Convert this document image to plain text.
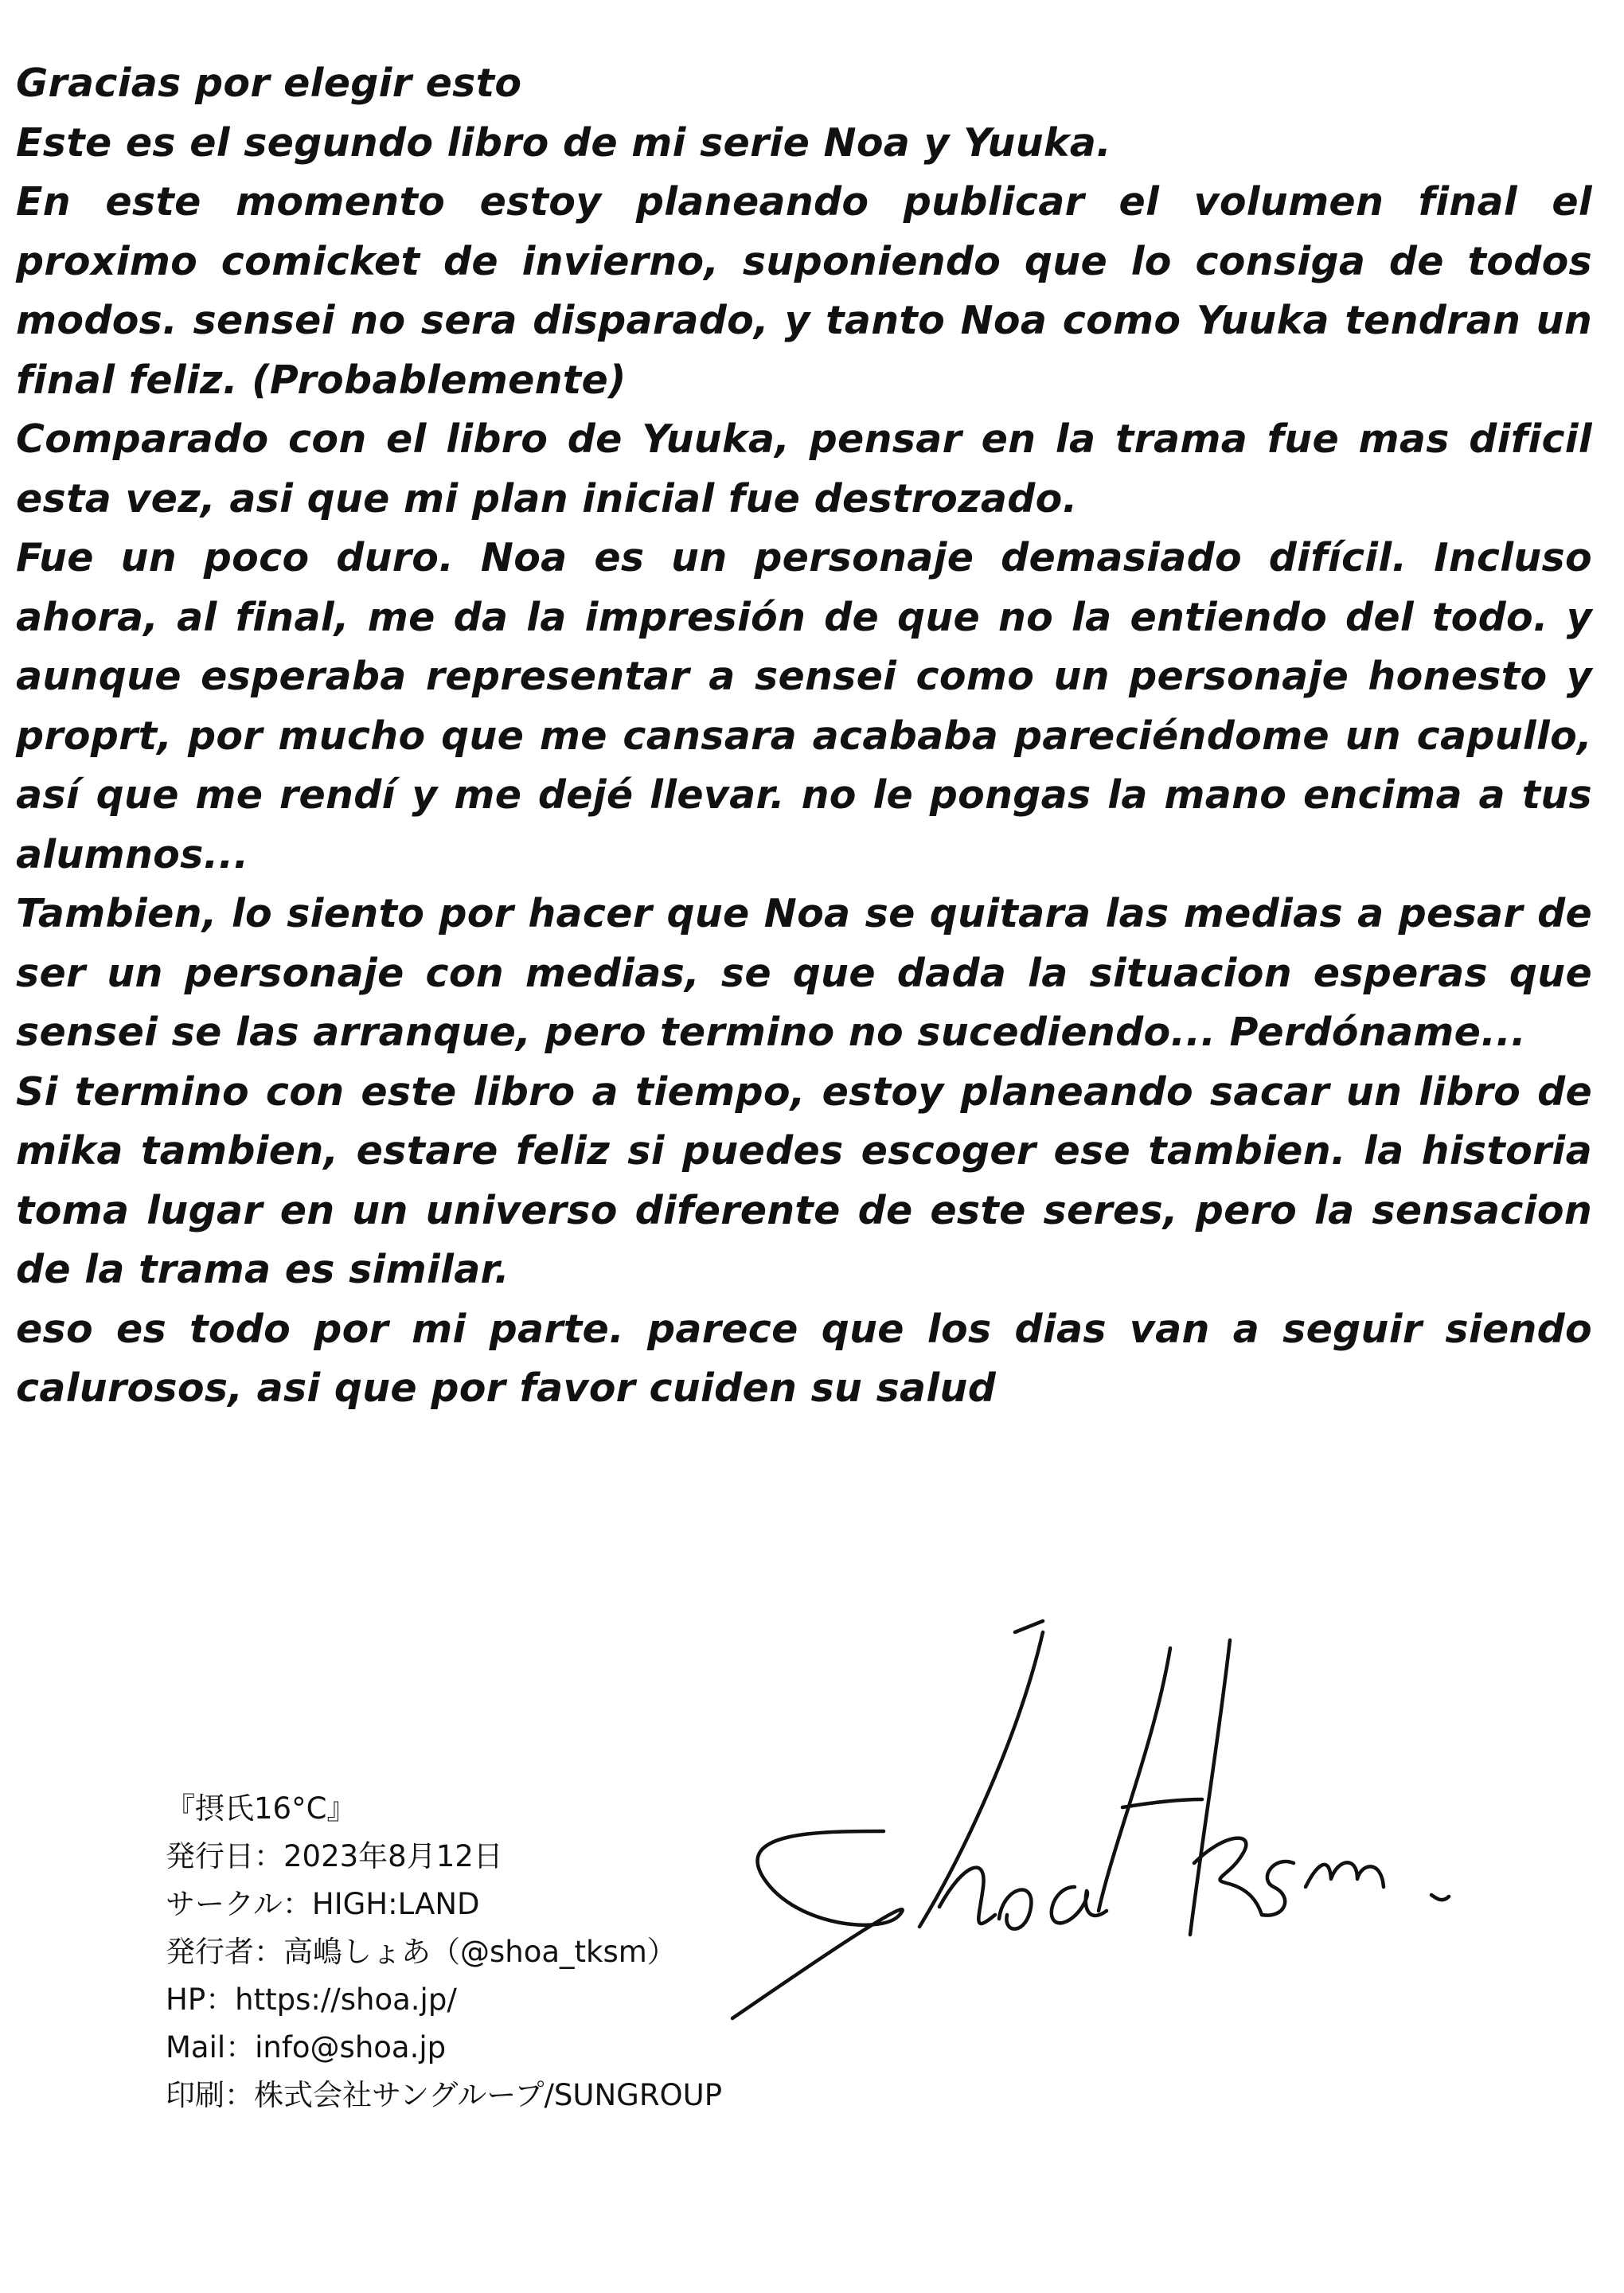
Gracias por elegir esto

Este es el segundo libro de mi serie Noa y Yuuka.

En este momento estoy planeando publicar el volumen final el proximo comicket de invierno, suponiendo que lo consiga de todos modos. sensei no sera disparado, y tanto Noa como Yuuka tendran un final feliz. (Probablemente)

Comparado con el libro de Yuuka, pensar en la trama fue mas dificil esta vez, asi que mi plan inicial fue destrozado.

Fue un poco duro. Noa es un personaje demasiado difícil. Incluso ahora, al final, me da la impresión de que no la entiendo del todo. y aunque esperaba representar a sensei como un personaje honesto y proprt, por mucho que me cansara acababa pareciéndome un capullo, así que me rendí y me dejé llevar. no le pongas la mano encima a tus alumnos...

Tambien, lo siento por hacer que Noa se quitara las medias a pesar de ser un personaje con medias, se que dada la situacion esperas que sensei se las arranque, pero termino no sucediendo... Perdóname...

Si termino con este libro a tiempo, estoy planeando sacar un libro de mika tambien, estare feliz si puedes escoger ese tambien. la historia toma lugar en un universo diferente de este seres, pero la sensacion de la trama es similar.

eso es todo por mi parte. parece que los dias van a seguir siendo calurosos, asi que por favor cuiden su salud

『摂氏16°C』
発行日：2023年8月12日
サークル：HIGH:LAND
発行者：高嶋しょあ（@shoa_tksm）
HP：https://shoa.jp/
Mail：info@shoa.jp
印刷：株式会社サングループ/SUNGROUP
